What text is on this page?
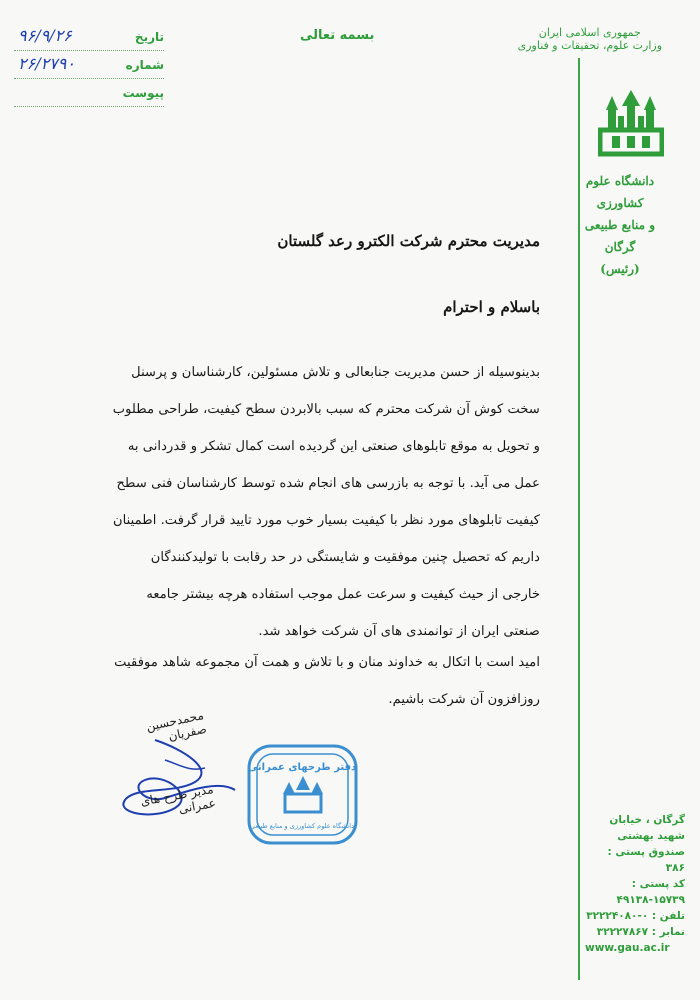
تاریخ
۹۶/۹/۲۶
شماره
۲۶/۲۷۹۰
پیوست
بسمه تعالی	جمهوری اسلامی ایران
وزارت علوم، تحقیقات و فناوری
دانشگاه علوم کشاورزی
و منابع طبیعی گرگان
(رئیس)
گرگان ، خیابان شهید بهشتی
صندوق پستی : ۳۸۶
کد پستی : ۱۵۷۳۹-۴۹۱۳۸
تلفن : ۰-۳۲۲۲۴۰۸۰
نمابر : ۳۲۲۲۷۸۶۷
www.gau.ac.ir
مدیریت محترم شرکت الکترو رعد گلستان
باسلام و احترام
بدینوسیله از حسن مدیریت جنابعالی و تلاش مسئولین، کارشناسان و پرسنل سخت کوش آن شرکت محترم که سبب بالابردن سطح کیفیت، طراحی مطلوب و تحویل به موقع تابلوهای صنعتی این گردیده است کمال تشکر و قدردانی به عمل می آید. با توجه به بازرسی های انجام شده توسط کارشناسان فنی سطح کیفیت تابلوهای مورد نظر با کیفیت بسیار خوب مورد تایید قرار گرفت. اطمینان داریم که تحصیل چنین موفقیت و شایستگی در حد رقابت با تولیدکنندگان خارجی از حیث کیفیت و سرعت عمل موجب استفاده هرچه بیشتر جامعه صنعتی ایران از توانمندی های آن شرکت خواهد شد.
امید است با اتکال به خداوند منان و با تلاش و همت آن مجموعه شاهد موفقیت روزافزون آن شرکت باشیم.
محمدحسین صفریان
مدیر طرح های عمرانی
دفتر طرحهای عمرانی
دانشگاه علوم کشاورزی و منابع طبیعی
